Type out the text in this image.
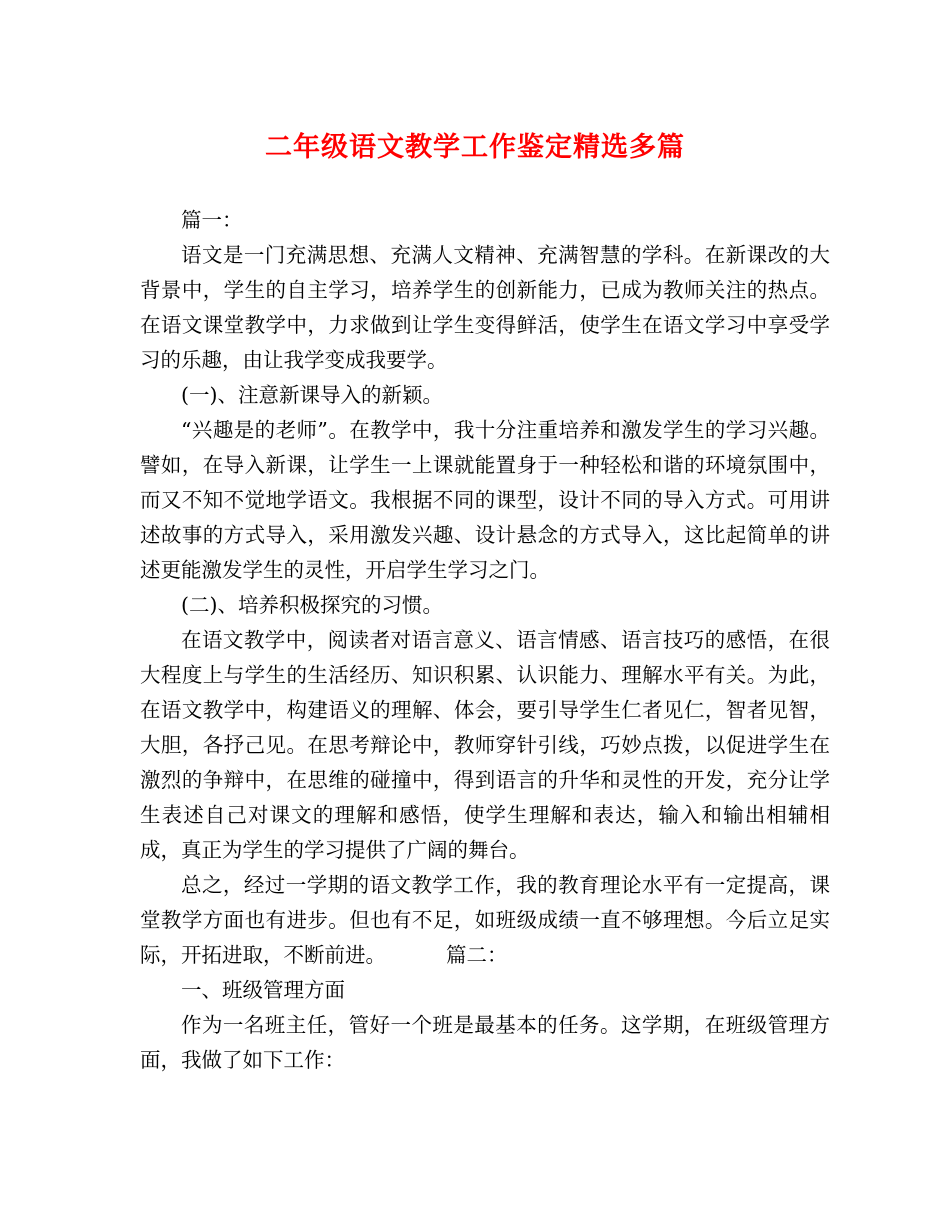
二年级语文教学工作鉴定精选多篇

篇一：

语文是一门充满思想、充满人文精神、充满智慧的学科。在新课改的大背景中，学生的自主学习，培养学生的创新能力，已成为教师关注的热点。在语文课堂教学中，力求做到让学生变得鲜活，使学生在语文学习中享受学习的乐趣，由让我学变成我要学。

(一)、注意新课导入的新颖。

“兴趣是的老师”。在教学中，我十分注重培养和激发学生的学习兴趣。譬如，在导入新课，让学生一上课就能置身于一种轻松和谐的环境氛围中，而又不知不觉地学语文。我根据不同的课型，设计不同的导入方式。可用讲述故事的方式导入，采用激发兴趣、设计悬念的方式导入，这比起简单的讲述更能激发学生的灵性，开启学生学习之门。

(二)、培养积极探究的习惯。

在语文教学中，阅读者对语言意义、语言情感、语言技巧的感悟，在很大程度上与学生的生活经历、知识积累、认识能力、理解水平有关。为此，在语文教学中，构建语义的理解、体会，要引导学生仁者见仁，智者见智，大胆，各抒己见。在思考辩论中，教师穿针引线，巧妙点拨，以促进学生在激烈的争辩中，在思维的碰撞中，得到语言的升华和灵性的开发，充分让学生表述自己对课文的理解和感悟，使学生理解和表达，输入和输出相辅相成，真正为学生的学习提供了广阔的舞台。

总之，经过一学期的语文教学工作，我的教育理论水平有一定提高，课堂教学方面也有进步。但也有不足，如班级成绩一直不够理想。今后立足实际，开拓进取，不断前进。	篇二：

一、班级管理方面

作为一名班主任，管好一个班是最基本的任务。这学期，在班级管理方面，我做了如下工作：
